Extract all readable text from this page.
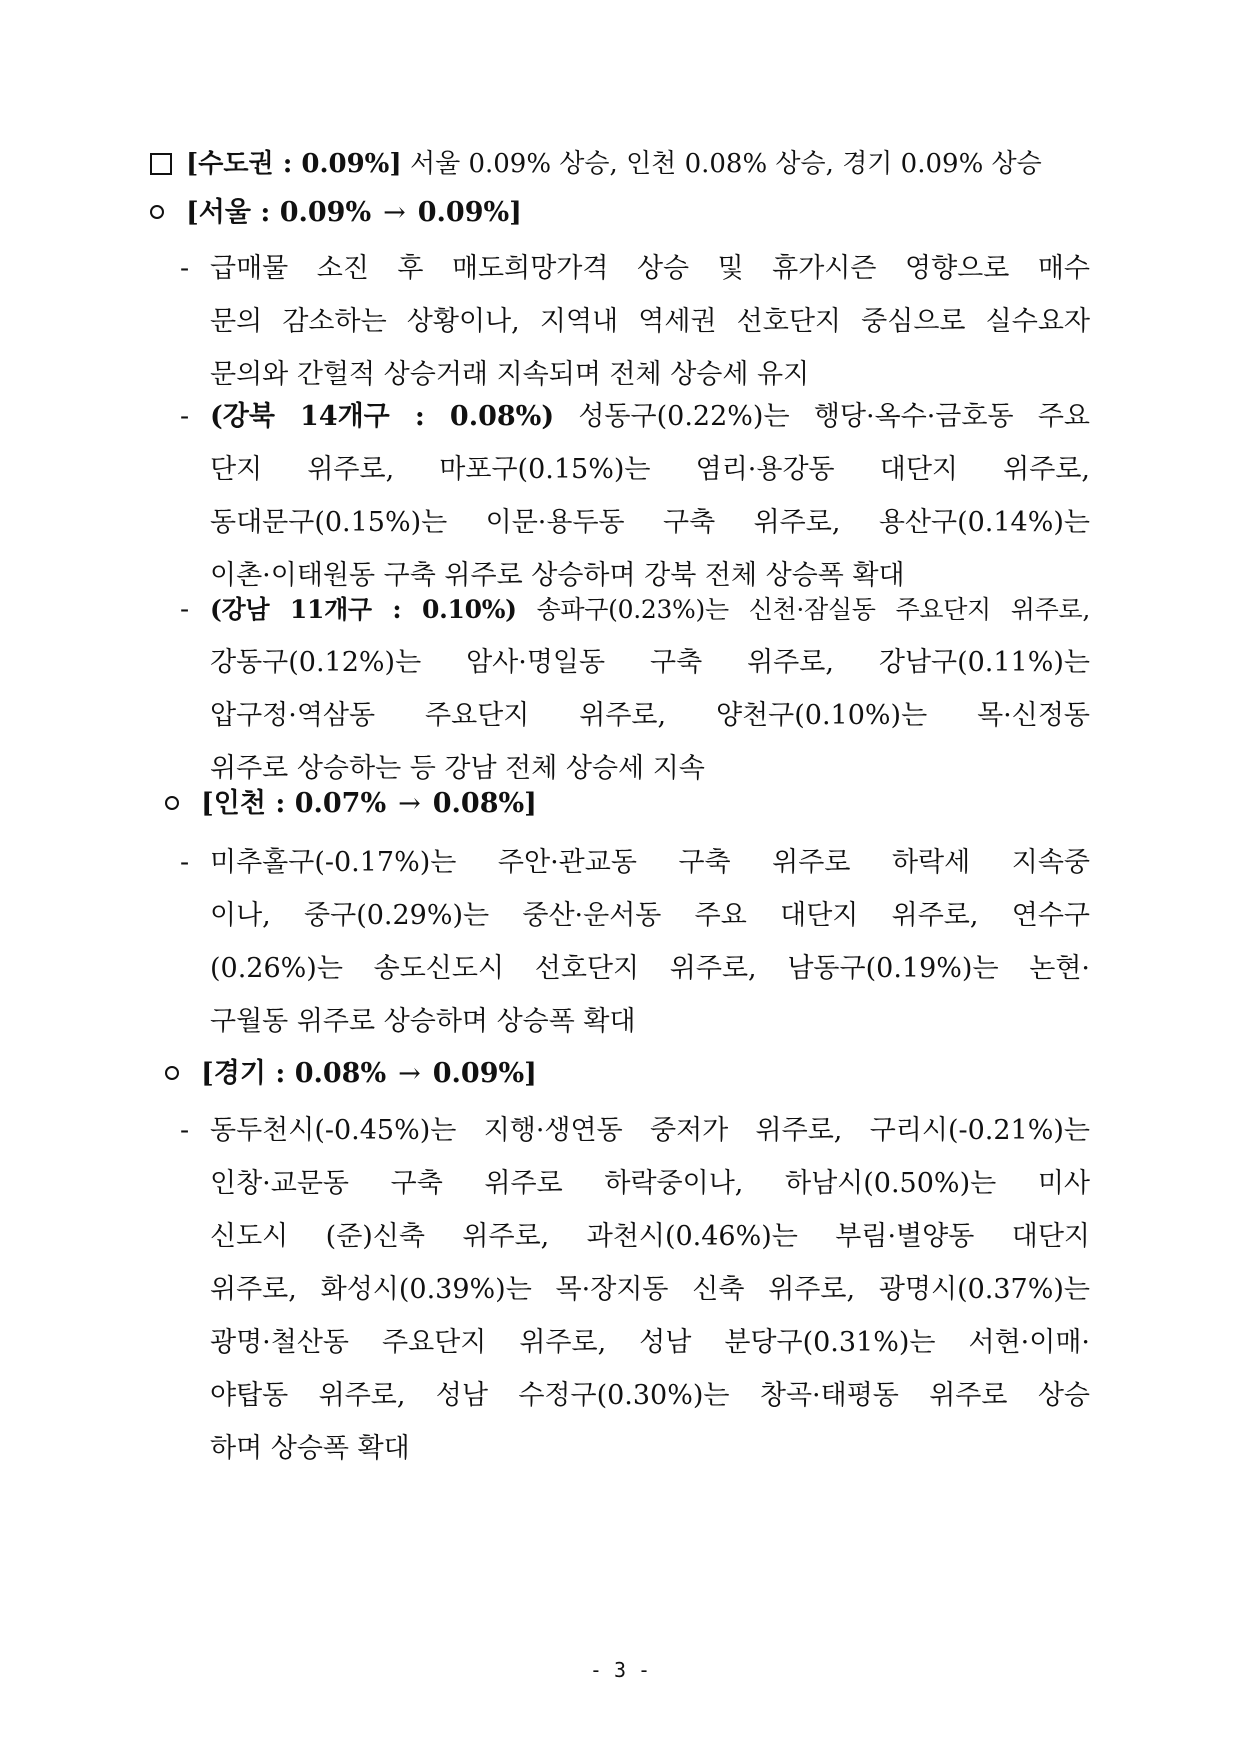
[수도권 : 0.09%] 서울 0.09% 상승, 인천 0.08% 상승, 경기 0.09% 상승
[서울 : 0.09% → 0.09%]
- 급매물 소진 후 매도희망가격 상승 및 휴가시즌 영향으로 매수
문의 감소하는 상황이나, 지역내 역세권 선호단지 중심으로 실수요자
문의와 간헐적 상승거래 지속되며 전체 상승세 유지
- (강북 14개구 : 0.08%) 성동구(0.22%)는 행당·옥수·금호동 주요
단지 위주로, 마포구(0.15%)는 염리·용강동 대단지 위주로,
동대문구(0.15%)는 이문·용두동 구축 위주로, 용산구(0.14%)는
이촌·이태원동 구축 위주로 상승하며 강북 전체 상승폭 확대
- (강남 11개구 : 0.10%) 송파구(0.23%)는 신천·잠실동 주요단지 위주로,
강동구(0.12%)는 암사·명일동 구축 위주로, 강남구(0.11%)는
압구정·역삼동 주요단지 위주로, 양천구(0.10%)는 목·신정동
위주로 상승하는 등 강남 전체 상승세 지속
[인천 : 0.07% → 0.08%]
- 미추홀구(-0.17%)는 주안·관교동 구축 위주로 하락세 지속중
이나, 중구(0.29%)는 중산·운서동 주요 대단지 위주로, 연수구
(0.26%)는 송도신도시 선호단지 위주로, 남동구(0.19%)는 논현·
구월동 위주로 상승하며 상승폭 확대
[경기 : 0.08% → 0.09%]
- 동두천시(-0.45%)는 지행·생연동 중저가 위주로, 구리시(-0.21%)는
인창·교문동 구축 위주로 하락중이나, 하남시(0.50%)는 미사
신도시 (준)신축 위주로, 과천시(0.46%)는 부림·별양동 대단지
위주로, 화성시(0.39%)는 목·장지동 신축 위주로, 광명시(0.37%)는
광명·철산동 주요단지 위주로, 성남 분당구(0.31%)는 서현·이매·
야탑동 위주로, 성남 수정구(0.30%)는 창곡·태평동 위주로 상승
하며 상승폭 확대
- 3 -
